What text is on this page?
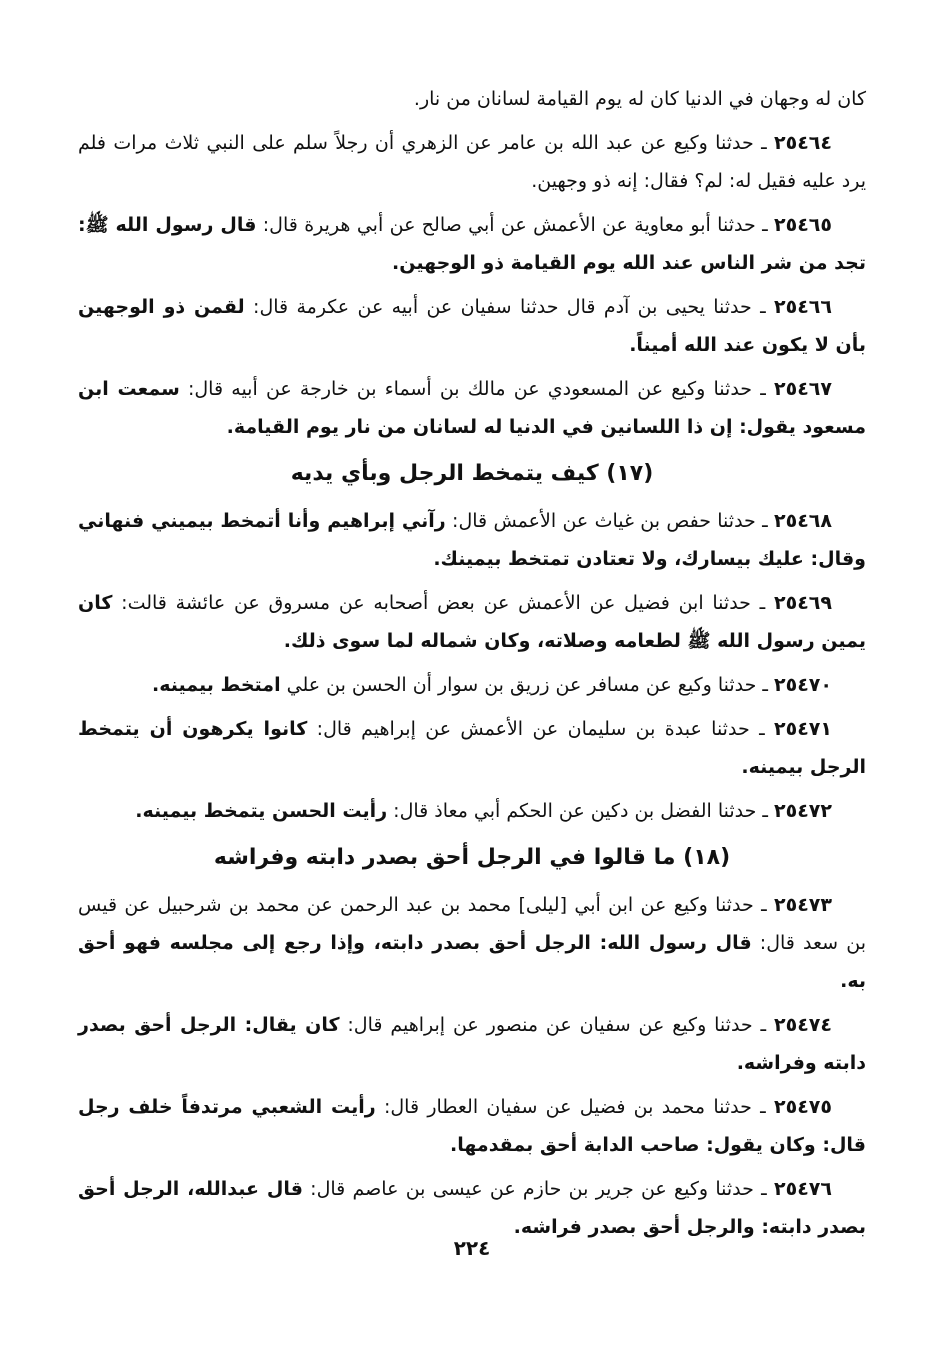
كان له وجهان في الدنيا كان له يوم القيامة لسانان من نار.

٢٥٤٦٤ ـ حدثنا وكيع عن عبد الله بن عامر عن الزهري أن رجلاً سلم على النبي ثلاث مرات فلم يرد عليه فقيل له: لم؟ فقال: إنه ذو وجهين.

٢٥٤٦٥ ـ حدثنا أبو معاوية عن الأعمش عن أبي صالح عن أبي هريرة قال: قال رسول الله ﷺ: تجد من شر الناس عند الله يوم القيامة ذو الوجهين.

٢٥٤٦٦ ـ حدثنا يحيى بن آدم قال حدثنا سفيان عن أبيه عن عكرمة قال: لقمن ذو الوجهين بأن لا يكون عند الله أميناً.

٢٥٤٦٧ ـ حدثنا وكيع عن المسعودي عن مالك بن أسماء بن خارجة عن أبيه قال: سمعت ابن مسعود يقول: إن ذا اللسانين في الدنيا له لسانان من نار يوم القيامة.

(١٧) كيف يتمخط الرجل وبأي يديه

٢٥٤٦٨ ـ حدثنا حفص بن غياث عن الأعمش قال: رآني إبراهيم وأنا أتمخط بيميني فنهاني وقال: عليك بيسارك، ولا تعتادن تمتخط بيمينك.

٢٥٤٦٩ ـ حدثنا ابن فضيل عن الأعمش عن بعض أصحابه عن مسروق عن عائشة قالت: كان يمين رسول الله ﷺ لطعامه وصلاته، وكان شماله لما سوى ذلك.

٢٥٤٧٠ ـ حدثنا وكيع عن مسافر عن زريق بن سوار أن الحسن بن علي امتخط بيمينه.

٢٥٤٧١ ـ حدثنا عبدة بن سليمان عن الأعمش عن إبراهيم قال: كانوا يكرهون أن يتمخط الرجل بيمينه.

٢٥٤٧٢ ـ حدثنا الفضل بن دكين عن الحكم أبي معاذ قال: رأيت الحسن يتمخط بيمينه.

(١٨) ما قالوا في الرجل أحق بصدر دابته وفراشه

٢٥٤٧٣ ـ حدثنا وكيع عن ابن أبي [ليلى] محمد بن عبد الرحمن عن محمد بن شرحبيل عن قيس بن سعد قال: قال رسول الله: الرجل أحق بصدر دابته، وإذا رجع إلى مجلسه فهو أحق به.

٢٥٤٧٤ ـ حدثنا وكيع عن سفيان عن منصور عن إبراهيم قال: كان يقال: الرجل أحق بصدر دابته وفراشه.

٢٥٤٧٥ ـ حدثنا محمد بن فضيل عن سفيان العطار قال: رأيت الشعبي مرتدفاً خلف رجل قال: وكان يقول: صاحب الدابة أحق بمقدمها.

٢٥٤٧٦ ـ حدثنا وكيع عن جرير بن حازم عن عيسى بن عاصم قال: قال عبدالله، الرجل أحق بصدر دابته: والرجل أحق بصدر فراشه.

٢٢٤
